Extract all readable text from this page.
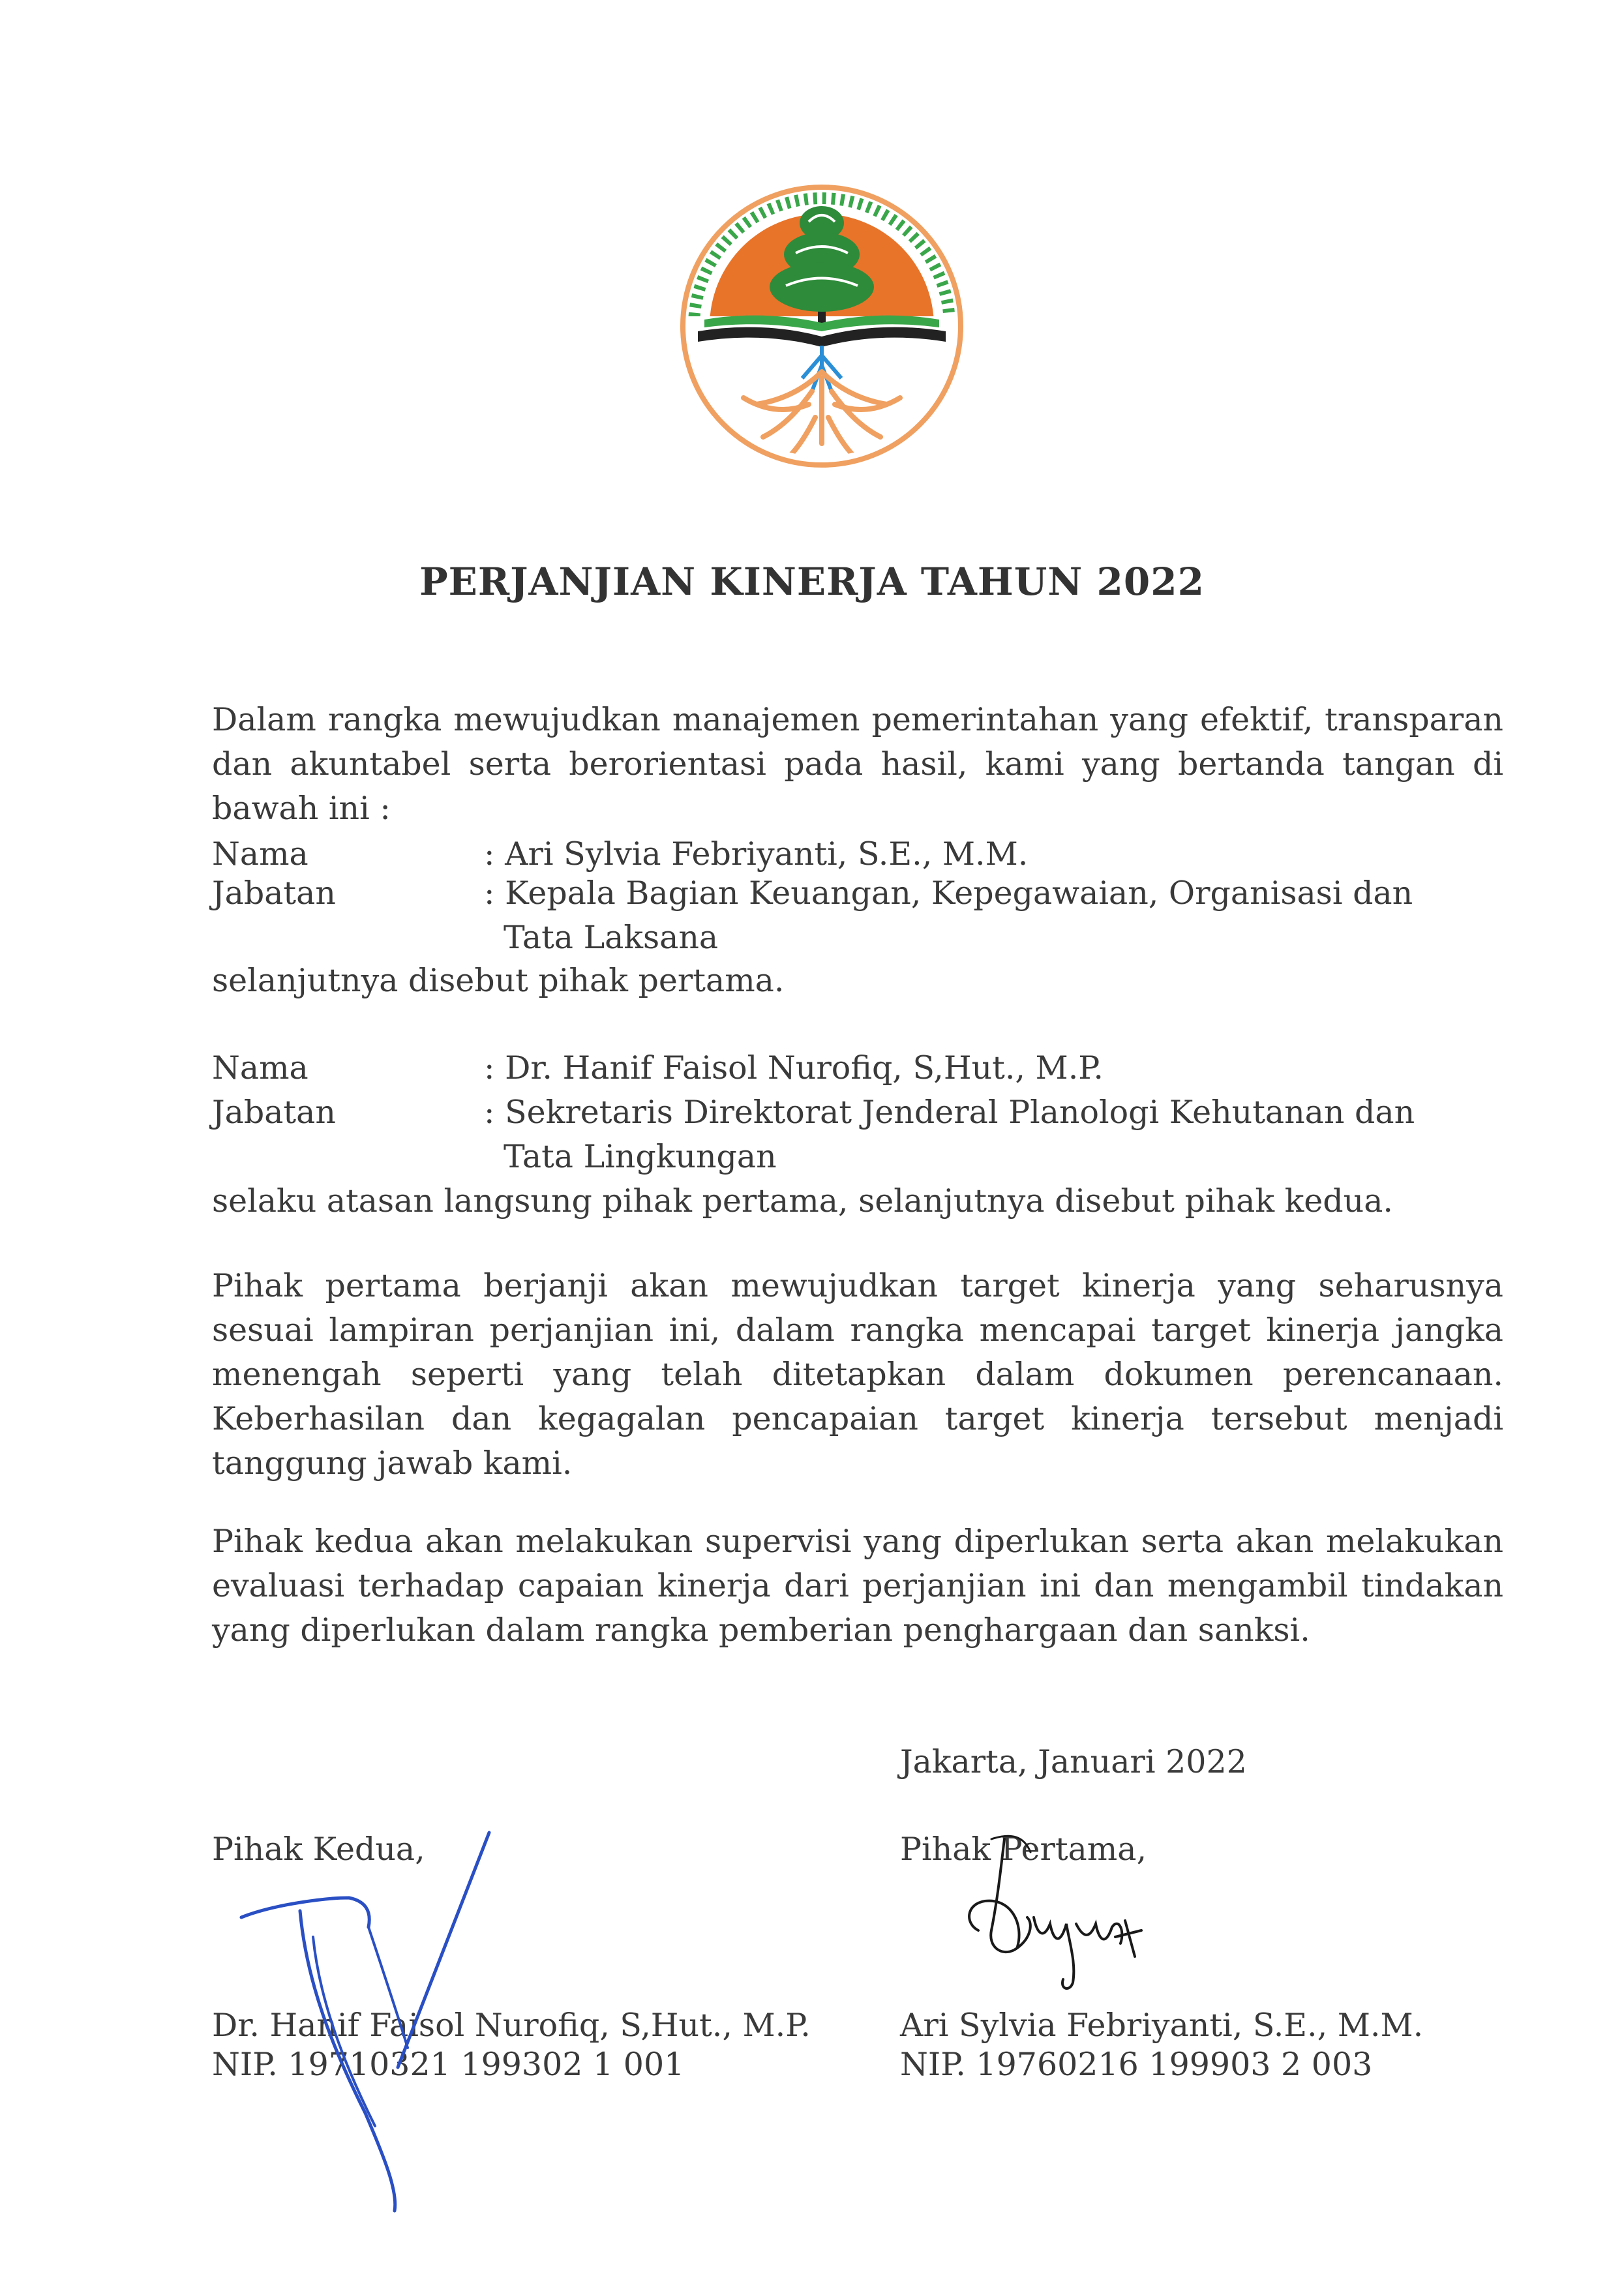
PERJANJIAN KINERJA TAHUN 2022
Dalam rangka mewujudkan manajemen pemerintahan yang efektif, transparan dan akuntabel serta berorientasi pada hasil, kami yang bertanda tangan di bawah ini :
Nama	: Ari Sylvia Febriyanti, S.E., M.M.
Jabatan	: Kepala Bagian Keuangan, Kepegawaian, Organisasi dan
Tata Laksana
selanjutnya disebut pihak pertama.
Nama	: Dr. Hanif Faisol Nurofiq, S,Hut., M.P.
Jabatan	: Sekretaris Direktorat Jenderal Planologi Kehutanan dan
Tata Lingkungan
selaku atasan langsung pihak pertama, selanjutnya disebut pihak kedua.
Pihak pertama berjanji akan mewujudkan target kinerja yang seharusnya sesuai lampiran perjanjian ini, dalam rangka mencapai target kinerja jangka menengah seperti yang telah ditetapkan dalam dokumen perencanaan. Keberhasilan dan kegagalan pencapaian target kinerja tersebut menjadi tanggung jawab kami.
Pihak kedua akan melakukan supervisi yang diperlukan serta akan melakukan evaluasi terhadap capaian kinerja dari perjanjian ini dan mengambil tindakan yang diperlukan dalam rangka pemberian penghargaan dan sanksi.
Jakarta, Januari 2022
Pihak Kedua,
Dr. Hanif Faisol Nurofiq, S,Hut., M.P.
NIP. 19710321 199302 1 001
Pihak Pertama,
Ari Sylvia Febriyanti, S.E., M.M.
NIP. 19760216 199903 2 003
